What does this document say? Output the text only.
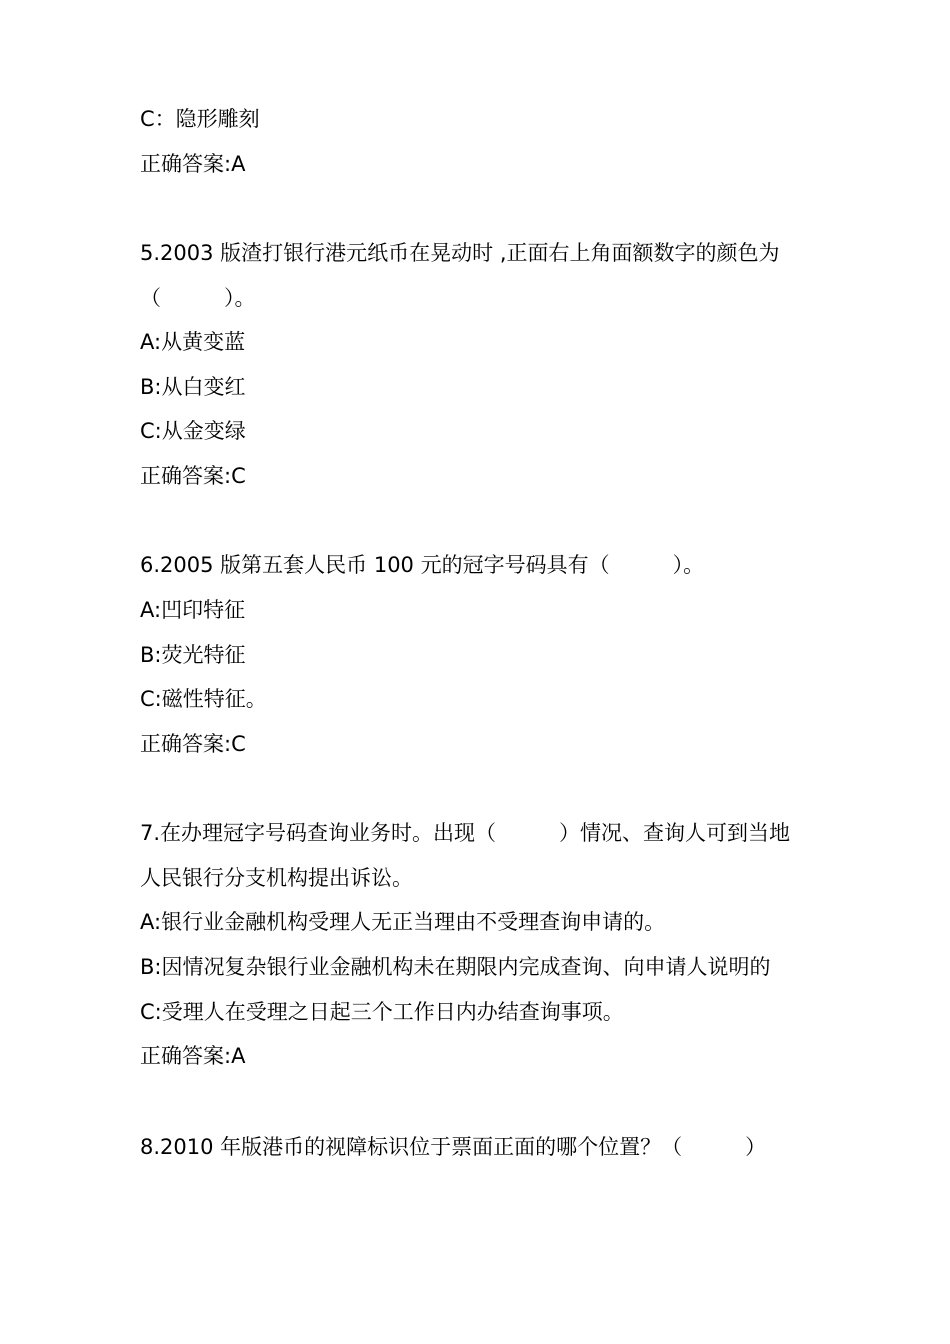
C：隐形雕刻
正确答案:A
5.2003 版渣打银行港元纸币在晃动时 ,正面右上角面额数字的颜色为
（　　　）。
A:从黄变蓝
B:从白变红
C:从金变绿
正确答案:C
6.2005 版第五套人民币 100 元的冠字号码具有（　　　）。
A:凹印特征
B:荧光特征
C:磁性特征。
正确答案:C
7.在办理冠字号码查询业务时。出现（　　　）情况、查询人可到当地
人民银行分支机构提出诉讼。
A:银行业金融机构受理人无正当理由不受理查询申请的。
B:因情况复杂银行业金融机构未在期限内完成查询、向申请人说明的
C:受理人在受理之日起三个工作日内办结查询事项。
正确答案:A
8.2010 年版港币的视障标识位于票面正面的哪个位置？（　　　）
